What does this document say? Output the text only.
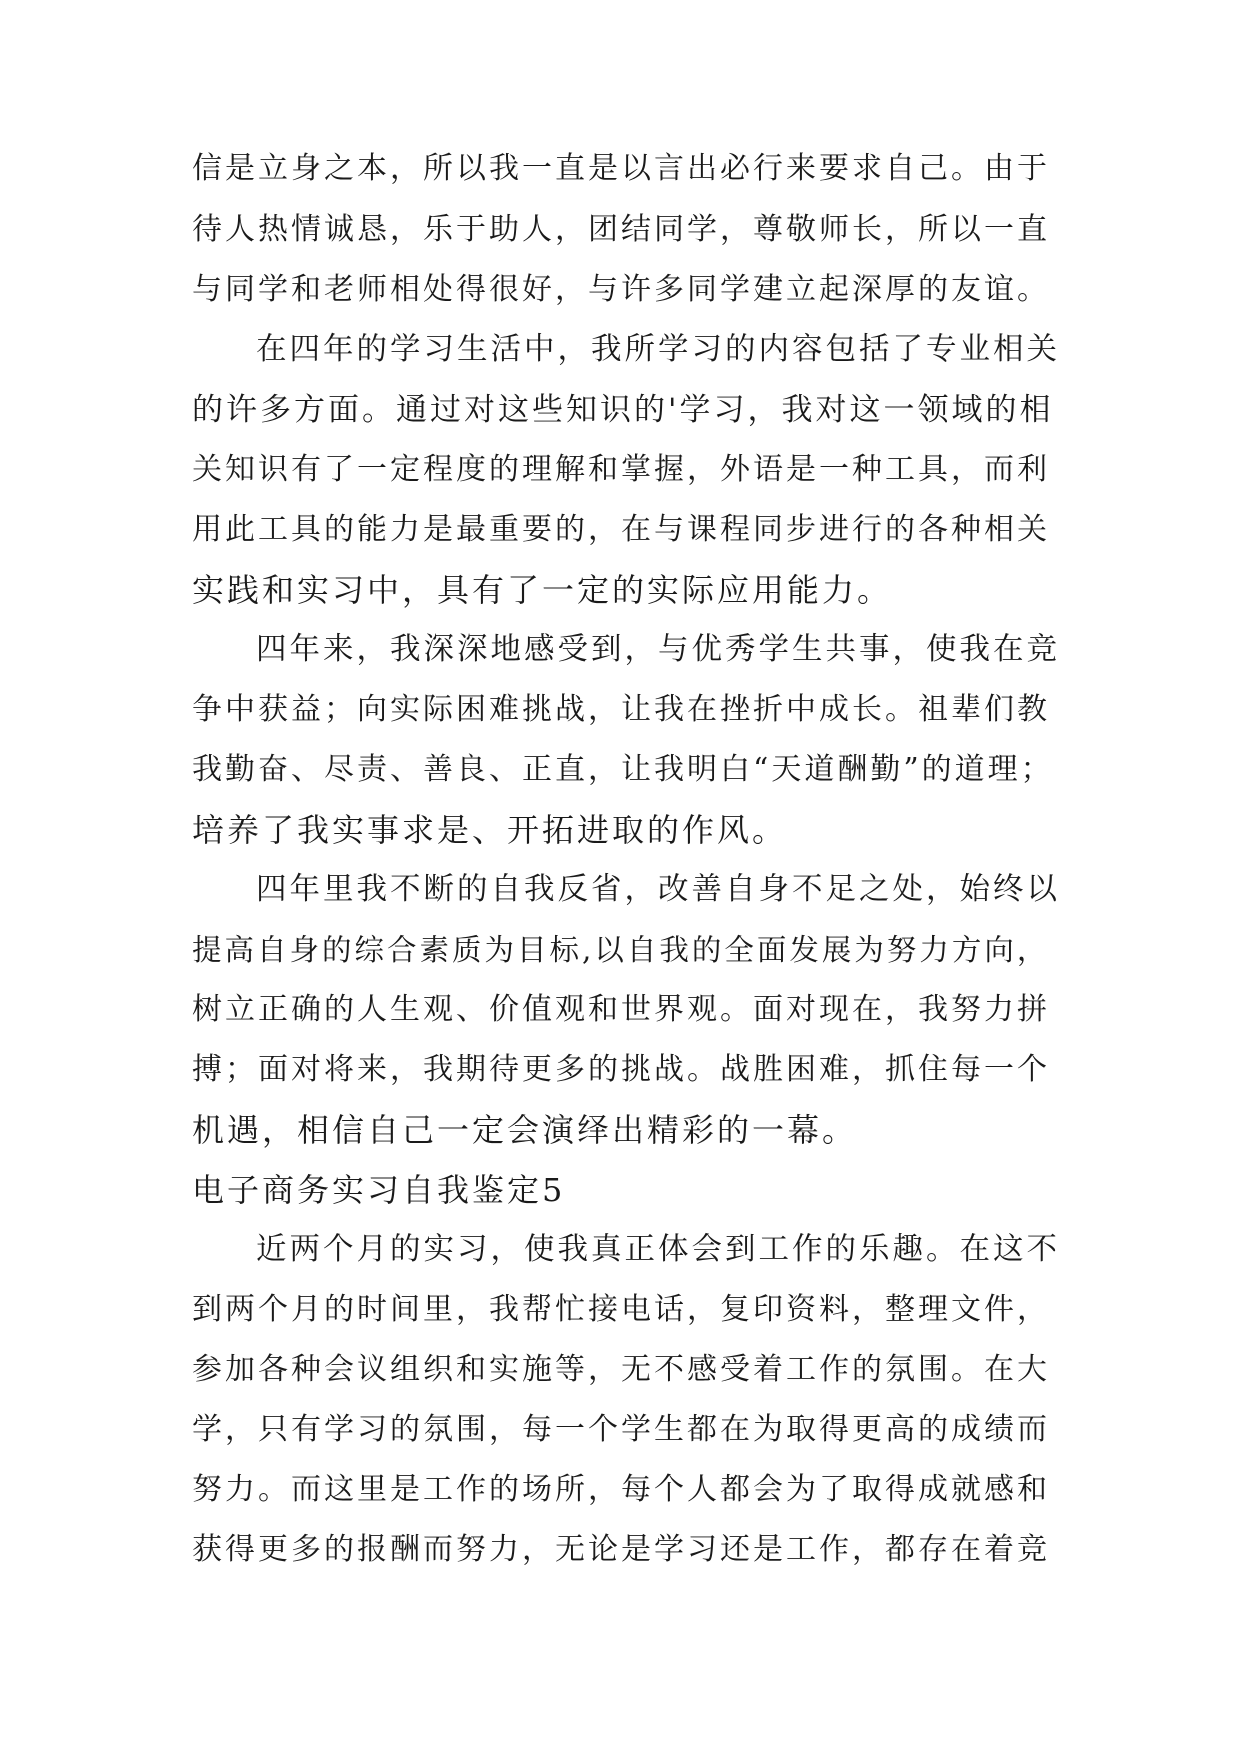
信是立身之本，所以我一直是以言出必行来要求自己。由于
待人热情诚恳，乐于助人，团结同学，尊敬师长，所以一直
与同学和老师相处得很好，与许多同学建立起深厚的友谊。
在四年的学习生活中，我所学习的内容包括了专业相关
的许多方面。通过对这些知识的'学习，我对这一领域的相
关知识有了一定程度的理解和掌握，外语是一种工具，而利
用此工具的能力是最重要的，在与课程同步进行的各种相关
实践和实习中，具有了一定的实际应用能力。
四年来，我深深地感受到，与优秀学生共事，使我在竞
争中获益；向实际困难挑战，让我在挫折中成长。祖辈们教
我勤奋、尽责、善良、正直，让我明白“天道酬勤”的道理；
培养了我实事求是、开拓进取的作风。
四年里我不断的自我反省，改善自身不足之处，始终以
提高自身的综合素质为目标,以自我的全面发展为努力方向，
树立正确的人生观、价值观和世界观。面对现在，我努力拼
搏；面对将来，我期待更多的挑战。战胜困难，抓住每一个
机遇，相信自己一定会演绎出精彩的一幕。
电子商务实习自我鉴定5
近两个月的实习，使我真正体会到工作的乐趣。在这不
到两个月的时间里，我帮忙接电话，复印资料，整理文件，
参加各种会议组织和实施等，无不感受着工作的氛围。在大
学，只有学习的氛围，每一个学生都在为取得更高的成绩而
努力。而这里是工作的场所，每个人都会为了取得成就感和
获得更多的报酬而努力，无论是学习还是工作，都存在着竞
